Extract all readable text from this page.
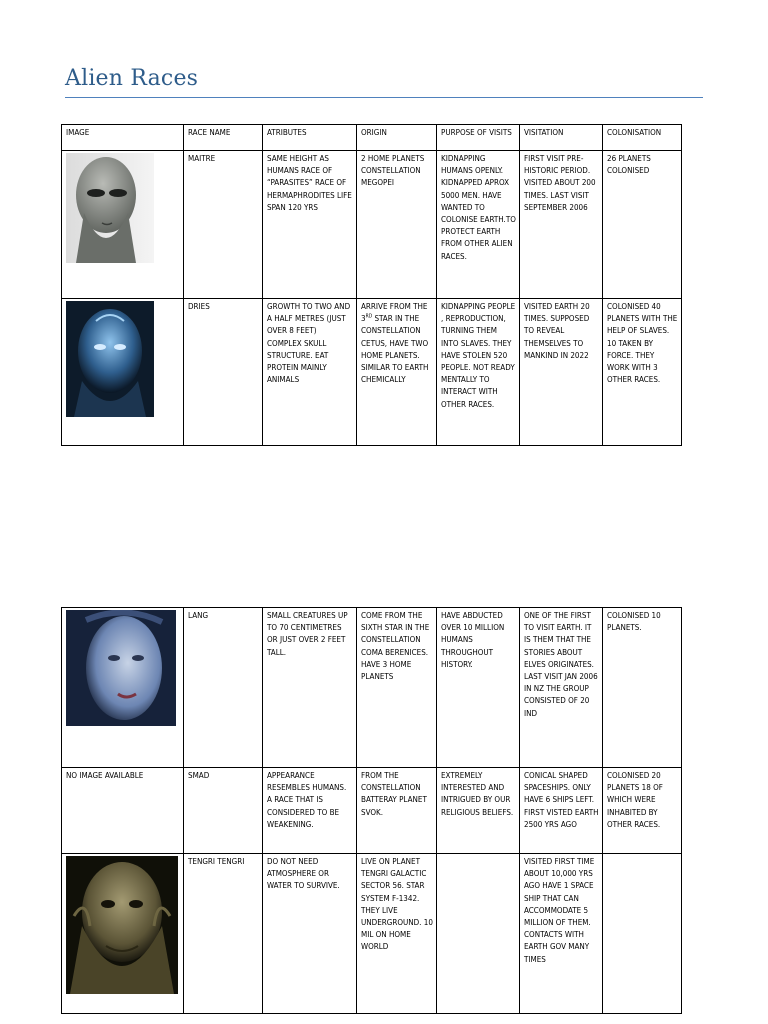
Alien Races
IMAGE	RACE NAME	ATRIBUTES	ORIGIN	PURPOSE OF VISITS	VISITATION	COLONISATION

	MAITRE	SAME HEIGHT AS HUMANS RACE OF “PARASITES” RACE OF HERMAPHRODITES LIFE SPAN 120 YRS	2 HOME PLANETS CONSTELLATION MEGOPEI	KIDNAPPING HUMANS OPENLY. KIDNAPPED APROX 5000 MEN. HAVE WANTED TO COLONISE EARTH.TO PROTECT EARTH FROM OTHER ALIEN RACES.	FIRST VISIT PRE-HISTORIC PERIOD. VISITED ABOUT 200 TIMES. LAST VISIT SEPTEMBER 2006	26 PLANETS COLONISED

	DRIES	GROWTH TO TWO AND A HALF METRES (JUST OVER 8 FEET) COMPLEX SKULL STRUCTURE. EAT PROTEIN MAINLY ANIMALS	ARRIVE FROM THE 3RD STAR IN THE CONSTELLATION CETUS, HAVE TWO HOME PLANETS. SIMILAR TO EARTH CHEMICALLY	KIDNAPPING PEOPLE , REPRODUCTION, TURNING THEM INTO SLAVES. THEY HAVE STOLEN 520 PEOPLE. NOT READY MENTALLY TO INTERACT WITH OTHER RACES.	VISITED EARTH 20 TIMES. SUPPOSED TO REVEAL THEMSELVES TO MANKIND IN 2022	COLONISED 40 PLANETS WITH THE HELP OF SLAVES. 10 TAKEN BY FORCE. THEY WORK WITH 3 OTHER RACES.
	LANG	SMALL CREATURES UP TO 70 CENTIMETRES OR JUST OVER 2 FEET TALL.	COME FROM THE SIXTH STAR IN THE CONSTELLATION COMA BERENICES. HAVE 3 HOME PLANETS	HAVE ABDUCTED OVER 10 MILLION HUMANS THROUGHOUT HISTORY.	ONE OF THE FIRST TO VISIT EARTH. IT IS THEM THAT THE STORIES ABOUT ELVES ORIGINATES. LAST VISIT JAN 2006 IN NZ THE GROUP CONSISTED OF 20 IND	COLONISED 10 PLANETS.
NO IMAGE AVAILABLE	SMAD	APPEARANCE RESEMBLES HUMANS. A RACE THAT IS CONSIDERED TO BE WEAKENING.	FROM THE CONSTELLATION BATTERAY PLANET SVOK.	EXTREMELY INTERESTED AND INTRIGUED BY OUR RELIGIOUS BELIEFS.	CONICAL SHAPED SPACESHIPS. ONLY HAVE 6 SHIPS LEFT. FIRST VISTED EARTH 2500 YRS AGO	COLONISED 20 PLANETS 18 OF WHICH WERE INHABITED BY OTHER RACES.

	TENGRI TENGRI	DO NOT NEED ATMOSPHERE OR WATER TO SURVIVE.	LIVE ON PLANET TENGRI GALACTIC SECTOR 56. STAR SYSTEM F-1342. THEY LIVE UNDERGROUND. 10 MIL ON HOME WORLD		VISITED FIRST TIME ABOUT 10,000 YRS AGO HAVE 1 SPACE SHIP THAT CAN ACCOMMODATE 5 MILLION OF THEM. CONTACTS WITH EARTH GOV MANY TIMES	
